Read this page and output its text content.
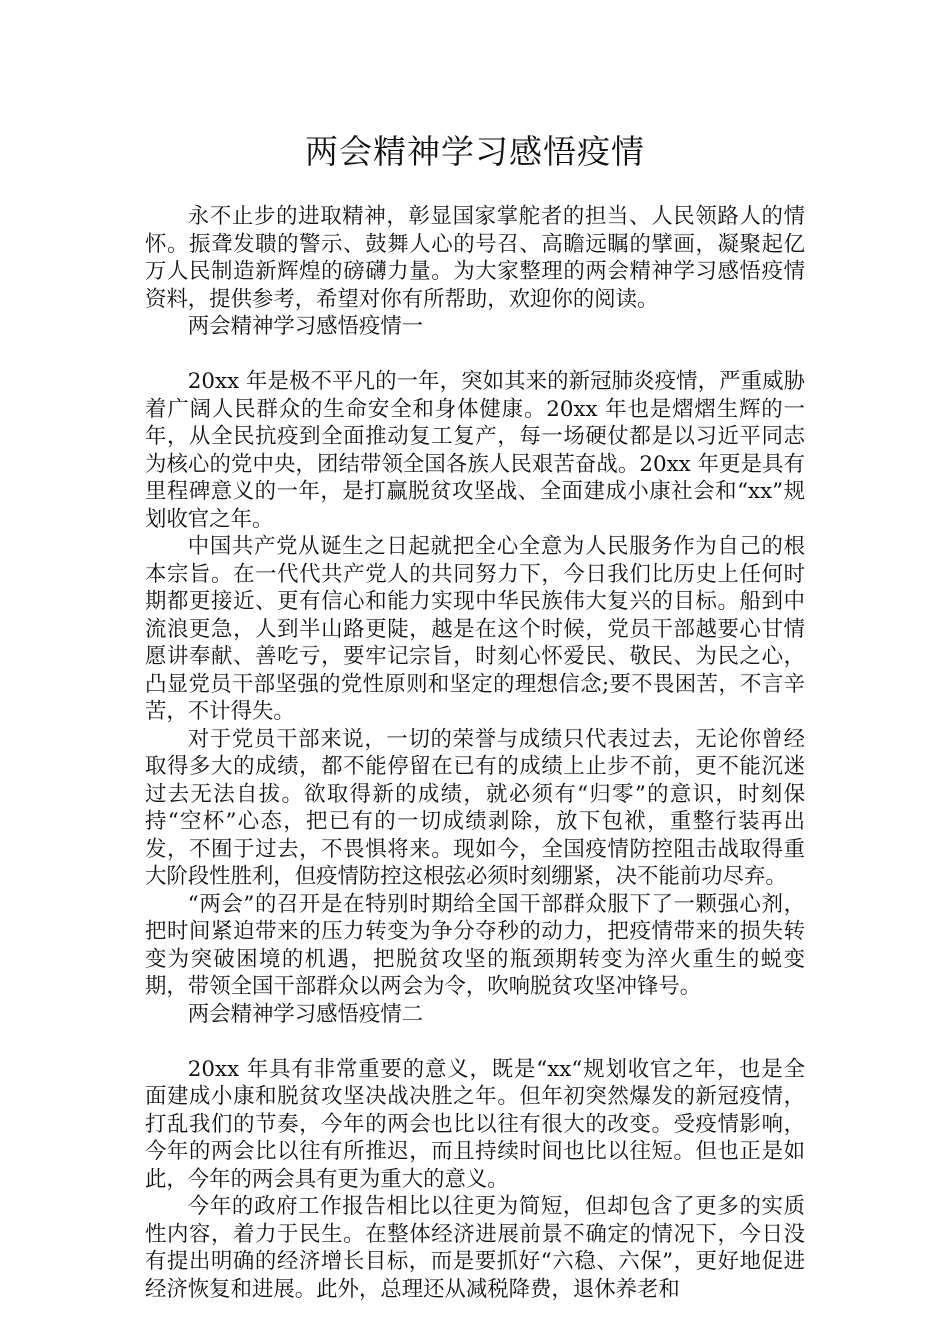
两会精神学习感悟疫情

永不止步的进取精神，彰显国家掌舵者的担当、人民领路人的情怀。振聋发聩的警示、鼓舞人心的号召、高瞻远瞩的擘画，凝聚起亿万人民制造新辉煌的磅礴力量。为大家整理的两会精神学习感悟疫情资料，提供参考，希望对你有所帮助，欢迎你的阅读。

两会精神学习感悟疫情一

20xx 年是极不平凡的一年，突如其来的新冠肺炎疫情，严重威胁着广阔人民群众的生命安全和身体健康。20xx 年也是熠熠生辉的一年，从全民抗疫到全面推动复工复产，每一场硬仗都是以习近平同志为核心的党中央，团结带领全国各族人民艰苦奋战。20xx 年更是具有里程碑意义的一年，是打赢脱贫攻坚战、全面建成小康社会和“xx”规划收官之年。

中国共产党从诞生之日起就把全心全意为人民服务作为自己的根本宗旨。在一代代共产党人的共同努力下，今日我们比历史上任何时期都更接近、更有信心和能力实现中华民族伟大复兴的目标。船到中流浪更急，人到半山路更陡，越是在这个时候，党员干部越要心甘情愿讲奉献、善吃亏，要牢记宗旨，时刻心怀爱民、敬民、为民之心，凸显党员干部坚强的党性原则和坚定的理想信念;要不畏困苦，不言辛苦，不计得失。

对于党员干部来说，一切的荣誉与成绩只代表过去，无论你曾经取得多大的成绩，都不能停留在已有的成绩上止步不前，更不能沉迷过去无法自拔。欲取得新的成绩，就必须有“归零”的意识，时刻保持“空杯”心态，把已有的一切成绩剥除，放下包袱，重整行装再出发，不囿于过去，不畏惧将来。现如今，全国疫情防控阻击战取得重大阶段性胜利，但疫情防控这根弦必须时刻绷紧，决不能前功尽弃。

“两会”的召开是在特别时期给全国干部群众服下了一颗强心剂，把时间紧迫带来的压力转变为争分夺秒的动力，把疫情带来的损失转变为突破困境的机遇，把脱贫攻坚的瓶颈期转变为淬火重生的蜕变期，带领全国干部群众以两会为令，吹响脱贫攻坚冲锋号。

两会精神学习感悟疫情二

20xx 年具有非常重要的意义，既是“xx“规划收官之年，也是全面建成小康和脱贫攻坚决战决胜之年。但年初突然爆发的新冠疫情，打乱我们的节奏，今年的两会也比以往有很大的改变。受疫情影响，今年的两会比以往有所推迟，而且持续时间也比以往短。但也正是如此，今年的两会具有更为重大的意义。

今年的政府工作报告相比以往更为简短，但却包含了更多的实质性内容，着力于民生。在整体经济进展前景不确定的情况下，今日没有提出明确的经济增长目标，而是要抓好“六稳、六保”，更好地促进经济恢复和进展。此外，总理还从减税降费，退休养老和
